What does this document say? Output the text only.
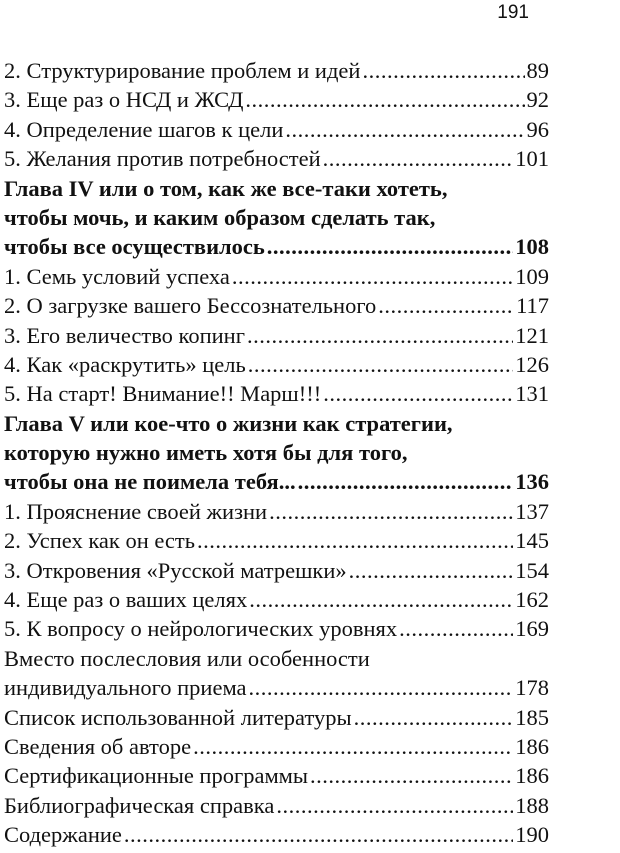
191
2. Структурирование проблем и идей .....	89
3. Еще раз о НСД и ЖСД .....	92
4. Определение шагов к цели .....	96
5. Желания против потребностей .....	101
Глава IV или о том, как же все-таки хотеть,
чтобы мочь, и каким образом сделать так,
чтобы все осуществилось .....	108
1. Семь условий успеха .....	109
2. О загрузке вашего Бессознательного .....	117
3. Его величество копинг .....	121
4. Как «раскрутить» цель .....	126
5. На старт! Внимание!! Марш!!! .....	131
Глава V или кое-что о жизни как стратегии,
которую нужно иметь хотя бы для того,
чтобы она не поимела тебя... .....	136
1. Прояснение своей жизни .....	137
2. Успех как он есть .....	145
3. Откровения «Русской матрешки» .....	154
4. Еще раз о ваших целях .....	162
5. К вопросу о нейрологических уровнях .....	169
Вместо послесловия или особенности
индивидуального приема .....	178
Список использованной литературы .....	185
Сведения об авторе .....	186
Сертификационные программы .....	186
Библиографическая справка .....	188
Содержание .....	190
